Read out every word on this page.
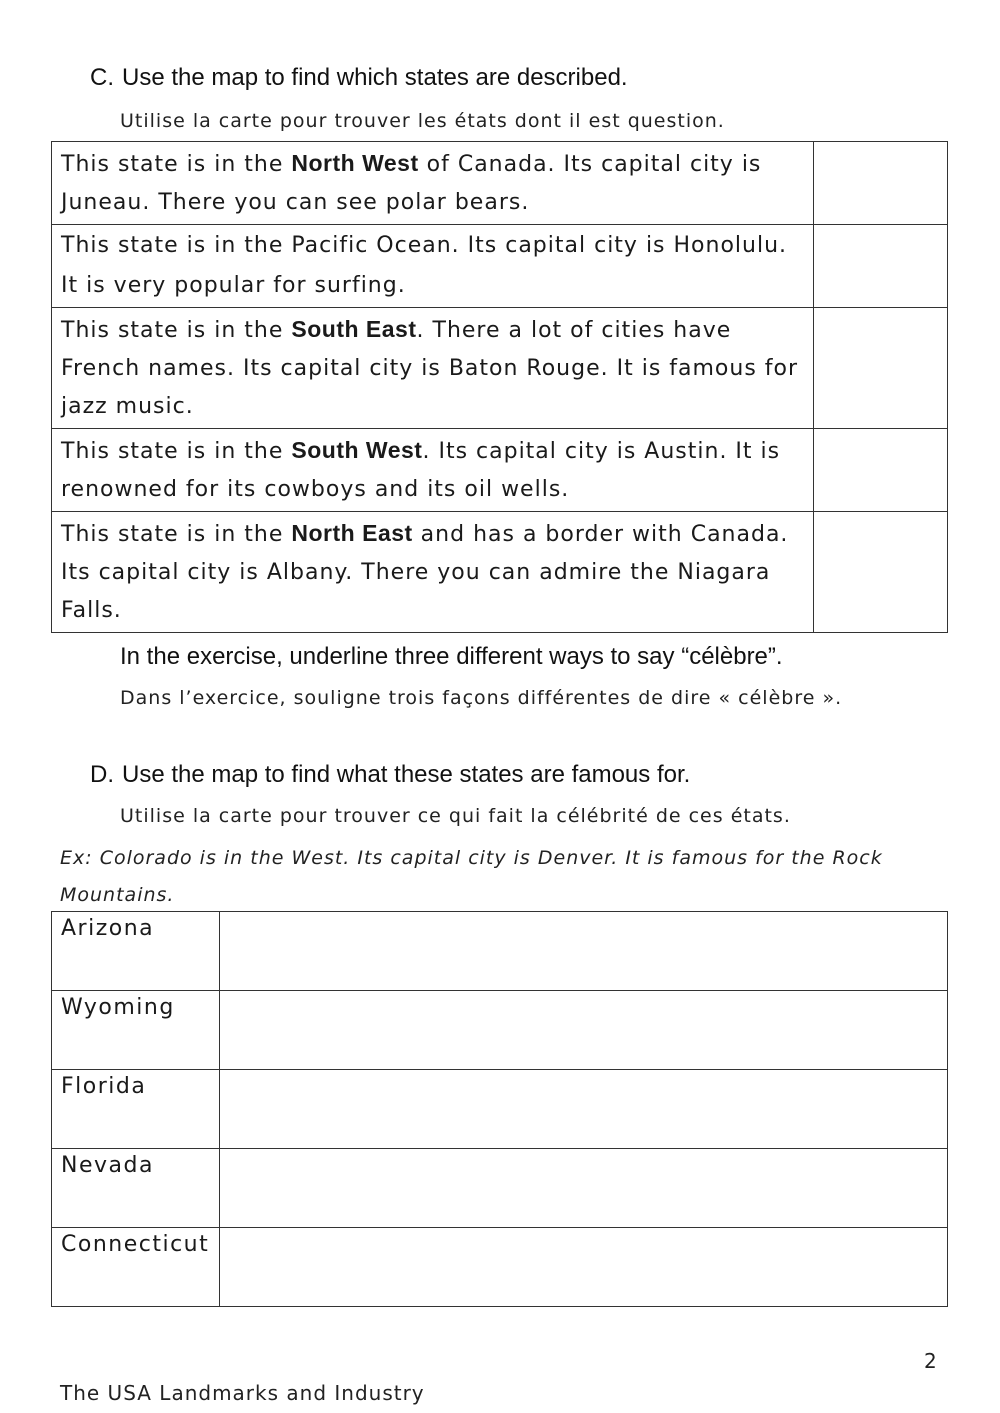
C. Use the map to find which states are described.
Utilise la carte pour trouver les états dont il est question.
This state is in the North West of Canada. Its capital city is Juneau. There you can see polar bears.	
This state is in the Pacific Ocean. Its capital city is Honolulu. It is very popular for surfing.	
This state is in the South East. There a lot of cities have French names. Its capital city is Baton Rouge. It is famous for jazz music.	
This state is in the South West. Its capital city is Austin. It is renowned for its cowboys and its oil wells.	
This state is in the North East and has a border with Canada. Its capital city is Albany. There you can admire the Niagara Falls.	
In the exercise, underline three different ways to say “célèbre”.
Dans l’exercice, souligne trois façons différentes de dire « célèbre ».
D. Use the map to find what these states are famous for.
Utilise la carte pour trouver ce qui fait la célébrité de ces états.
Ex: Colorado is in the West. Its capital city is Denver. It is famous for the Rock Mountains.
Arizona	
Wyoming	
Florida	
Nevada	
Connecticut	
2
The USA Landmarks and Industry
